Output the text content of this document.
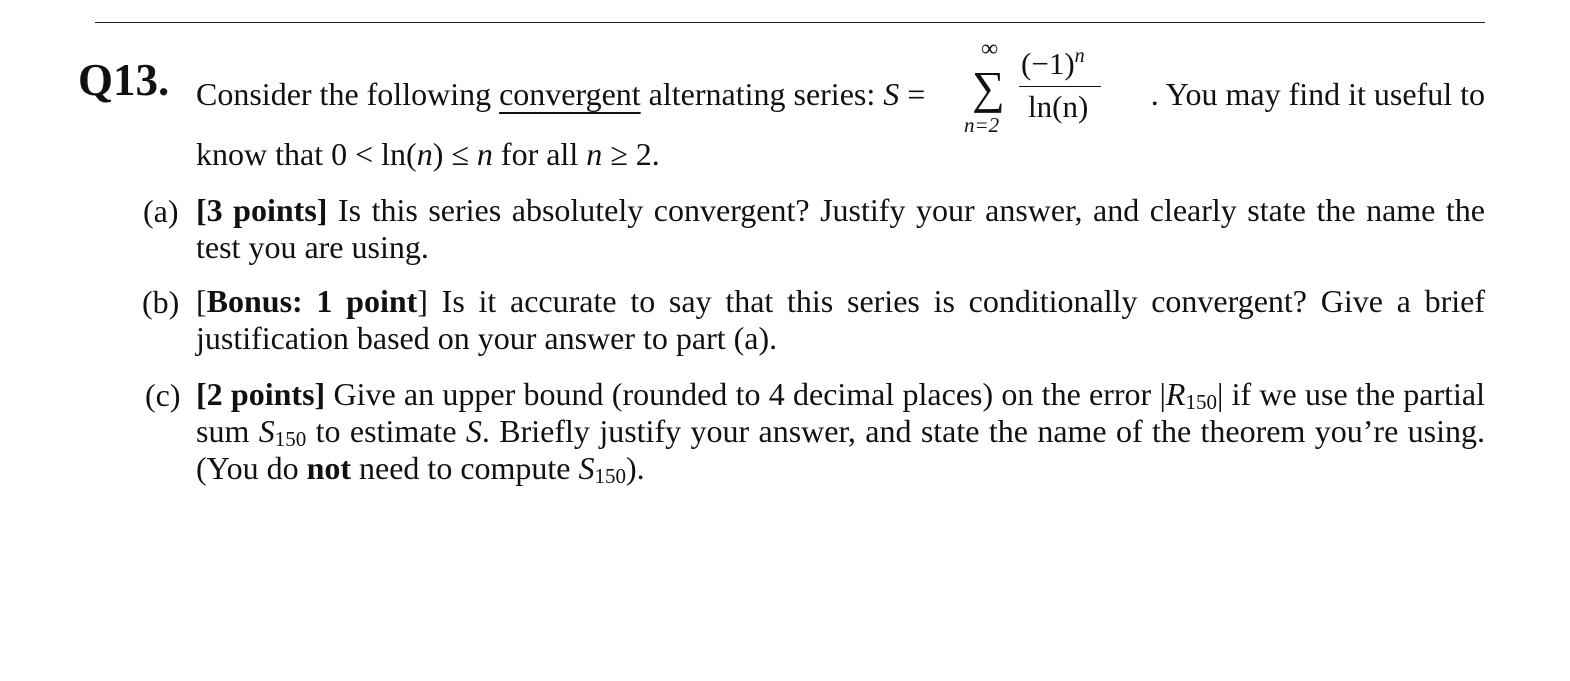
Q13. Consider the following convergent alternating series: S =
∞
∑
n=2
$(-1)^n$
ln(n) . You may find it useful to
know that 0 < ln(n) ≤ n for all n ≥ 2.
(a) [3 points] Is this series absolutely convergent? Justify your answer, and clearly state the name the test you are using.
(b) [Bonus: 1 point] Is it accurate to say that this series is conditionally convergent? Give a brief justification based on your answer to part (a).
(c) [2 points] Give an upper bound (rounded to 4 decimal places) on the error $|R_{150}|$ if we use the partial sum $S_{150}$ to estimate S. Briefly justify your answer, and state the name of the theorem you’re using. (You do not need to compute $S_{150}$).
